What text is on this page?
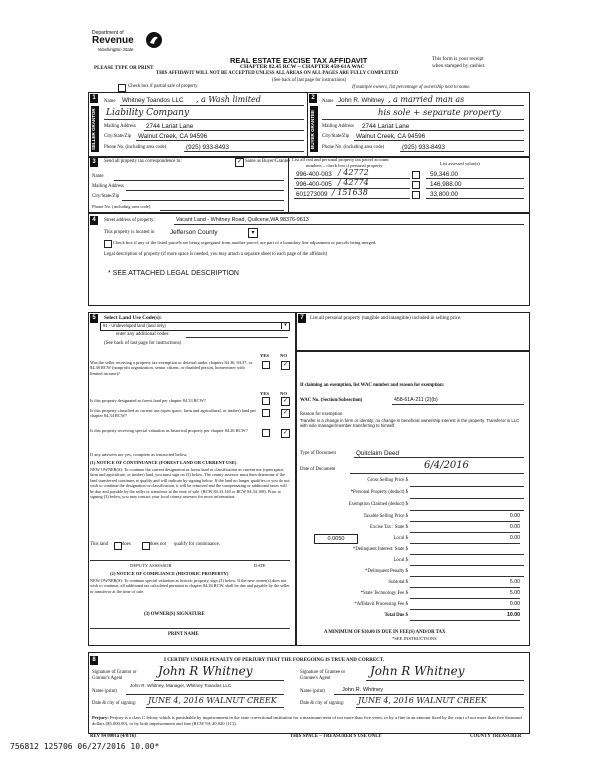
Department of
Revenue
Washington State
REAL ESTATE EXCISE TAX AFFIDAVIT
CHAPTER 82.45 RCW – CHAPTER 458-61A WAC
PLEASE TYPE OR PRINT
THIS AFFIDAVIT WILL NOT BE ACCEPTED UNLESS ALL AREAS ON ALL PAGES ARE FULLY COMPLETED
This form is your receipt
when stamped by cashier.
(See back of last page for instructions)
Check box if partial sale of property	If multiple owners, list percentage of ownership next to name.
1
SELLER GRANTOR
Name Whitney Toandos LLC , a Wash limited
Liability Company
Mailing Address 2744 Lariat Lane
City/State/Zip Walnut Creek, CA 94596
Phone No. (including area code)	(925) 933-8493
2
BUYER GRANTEE
Name John R. Whitney , a married man as
his sole + separate property
Mailing Address 2744 Lariat Lane
City/State/Zip Walnut Creek, CA 94596
Phone No. (including area code)	(925) 933-8493
3	Send all property tax correspondence to:	✓ Same as Buyer/Grantee
Name
Mailing Address
City/State/Zip
Phone No. (including area code)
List all real and personal property tax parcel account
numbers – check box if personal property	List assessed value(s)
996-400-003 / 42772	59,346.00
996-400-005 / 42774	146,988.00
601273009 / 151638	33,800.00
4	Street address of property:	Vacant Land - Whitney Road, Quilcene,WA 98376-9613
This property is located in Jefferson County	▾
Check box if any of the listed parcels are being segregated from another parcel, are part of a boundary line adjustment or parcels being merged.
Legal description of property (if more space is needed, you may attach a separate sheet to each page of the affidavit)
* SEE ATTACHED LEGAL DESCRIPTION
5	Select Land Use Code(s):
91 - Undeveloped land (land only)	▾
enter any additional codes:
(See back of last page for instructions)
YES NO
Was the seller receiving a property tax exemption or deferral under chapters 84.36, 84.37, or 84.38 RCW (nonprofit organization, senior citizen, or disabled person, homeowner with limited income)?
✓
YES NO
Is this property designated as forest land per chapter 84.33 RCW?	✓
Is this property classified as current use (open space, farm and agricultural, or timber) land per chapter 84.34 RCW?	✓
Is this property receiving special valuation as historical property per chapter 84.26 RCW?	✓
If any answers are yes, complete as instructed below.
(1) NOTICE OF CONTINUANCE (FOREST LAND OR CURRENT USE)
NEW OWNER(S): To continue the current designation as forest land or classification as current use (open space, farm and agriculture, or timber) land, you must sign on (3) below. The county assessor must then determine if the land transferred continues to qualify and will indicate by signing below. If the land no longer qualifies or you do not wish to continue the designation or classification, it will be removed and the compensating or additional taxes will be due and payable by the seller or transferor at the time of sale. (RCW 84.33.140 or RCW 84.34.108). Prior to signing (3) below, you may contact your local county assessor for more information.
This land	does	does not qualify for continuance.
DEPUTY ASSESSOR	DATE
(2) NOTICE OF COMPLIANCE (HISTORIC PROPERTY)
NEW OWNER(S): To continue special valuation as historic property, sign (3) below. If the new owner(s) does not wish to continue, all additional tax calculated pursuant to chapter 84.26 RCW, shall be due and payable by the seller or transferor at the time of sale.
(3) OWNER(S) SIGNATURE
PRINT NAME
7	List all personal property (tangible and intangible) included in selling price.
If claiming an exemption, list WAC number and reason for exemption:
WAC No. (Section/Subsection)	458-61A-211 (2)(b)
Reason for exemption
Transfer is a change in form or identity; no change in beneficial ownership interest in the property. Transferor is LLC with sole manager/member transferring to himself.
Type of Document	Quitclaim Deed
Date of Document	6/4/2016
Gross Selling Price $
*Personal Property (deduct) $
Exemption Claimed (deduct) $
Taxable Selling Price $	0.00
Excise Tax : State $	0.00
0.0050	Local $	0.00
*Delinquent Interest: State $
Local $
*Delinquent Penalty $
Subtotal $	5.00
*State Technology Fee $	5.00
*Affidavit Processing Fee $	0.00
Total Due $	10.00
A MINIMUM OF $10.00 IS DUE IN FEE(S) AND/OR TAX
*SEE INSTRUCTIONS
8	I CERTIFY UNDER PENALTY OF PERJURY THAT THE FOREGOING IS TRUE AND CORRECT.
Signature of Grantor or Grantor's Agent
John R Whitney
John R. Whitney, Manager, Whitney Toandos LLC
Name (print)
Date & city of signing: JUNE 4, 2016 WALNUT CREEK
Signature of Grantee or Grantee's Agent
John R Whitney
Name (print)	John R. Whitney
Date & city of signing: JUNE 4, 2016 WALNUT CREEK
Perjury: Perjury is a class C felony which is punishable by imprisonment in the state correctional institution for a maximum term of not more than five years, or by a fine in an amount fixed by the court of not more than five thousand dollars ($5,000.00), or by both imprisonment and fine (RCW 9A.20.020 (1C)).
REV 84 0001a (4/8/16)	THIS SPACE – TREASURER'S USE ONLY	COUNTY TREASURER
756812 125706 06/27/2016 10.00*
